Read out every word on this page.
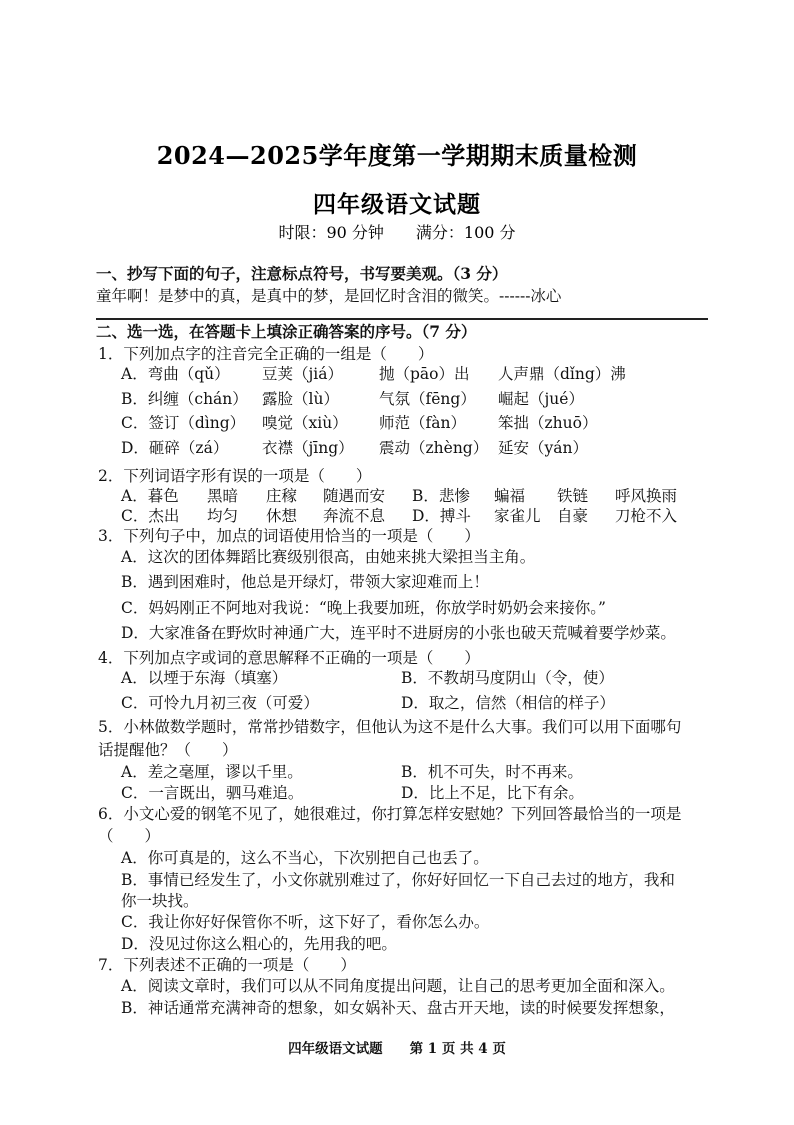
2024—2025学年度第一学期期末质量检测
四年级语文试题
时限：90 分钟　　满分：100 分
一、抄写下面的句子，注意标点符号，书写要美观。（3 分）
童年啊！是梦中的真，是真中的梦，是回忆时含泪的微笑。------冰心
二、选一选，在答题卡上填涂正确答案的序号。（7 分）
1．下列加点字的注音完全正确的一组是（　　）
A．弯曲（qǔ） 豆荚（jiá） 抛（pāo）出 人声鼎（dǐng）沸
B．纠缠（chán） 露脸（lù）	气氛（fēng） 崛起（jué）
C．签订（dìng） 嗅觉（xiù） 师范（fàn） 笨拙（zhuō）
D．砸碎（zá） 衣襟（jīng） 震动（zhèng） 延安（yán）
2．下列词语字形有误的一项是（　　）
A．暮色 黑暗 庄稼 随遇而安 B．悲惨 蝙福 铁链 呼风换雨
C．杰出 均匀 休想 奔流不息 D．搏斗 家雀儿 自豪 刀枪不入
3．下列句子中，加点的词语使用恰当的一项是（　　）
A．这次的团体舞蹈比赛级别很高，由她来挑大梁担当主角。
B．遇到困难时，他总是开绿灯，带领大家迎难而上！
C．妈妈刚正不阿地对我说：“晚上我要加班，你放学时奶奶会来接你。”
D．大家准备在野炊时神通广大，连平时不进厨房的小张也破天荒喊着要学炒菜。
4．下列加点字或词的意思解释不正确的一项是（　　）
A．以堙于东海（填塞）	B．不教胡马度阴山（令，使）
C．可怜九月初三夜（可爱）	D．取之，信然（相信的样子）
5．小林做数学题时，常常抄错数字，但他认为这不是什么大事。我们可以用下面哪句
话提醒他？（　　）
A．差之毫厘，谬以千里。	B．机不可失，时不再来。
C．一言既出，驷马难追。	D．比上不足，比下有余。
6．小文心爱的钢笔不见了，她很难过，你打算怎样安慰她？下列回答最恰当的一项是
（　　）
A．你可真是的，这么不当心，下次别把自己也丢了。
B．事情已经发生了，小文你就别难过了，你好好回忆一下自己去过的地方，我和
你一块找。
C．我让你好好保管你不听，这下好了，看你怎么办。
D．没见过你这么粗心的，先用我的吧。
7．下列表述不正确的一项是（　　）
A．阅读文章时，我们可以从不同角度提出问题，让自己的思考更加全面和深入。
B．神话通常充满神奇的想象，如女娲补天、盘古开天地，读的时候要发挥想象，
四年级语文试题　　第 1 页 共 4 页
